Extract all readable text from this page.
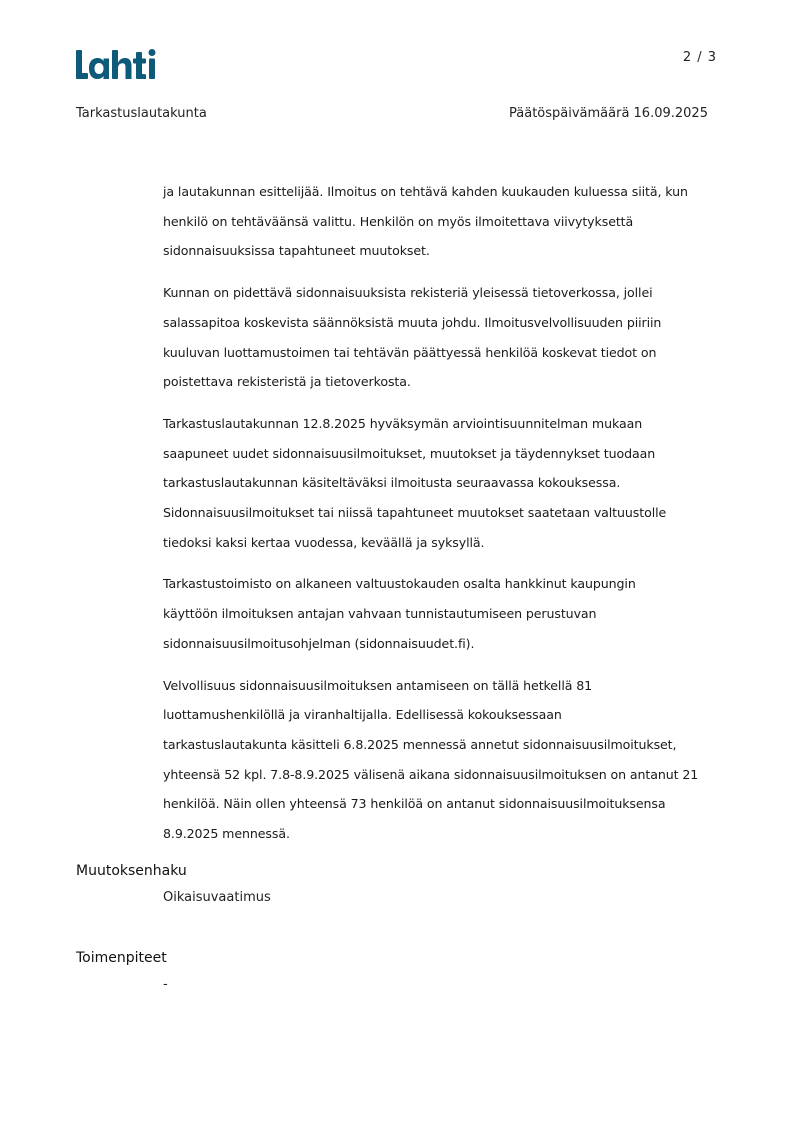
2 / 3
Tarkastuslautakunta	Päätöspäivämäärä 16.09.2025
ja lautakunnan esittelijää. Ilmoitus on tehtävä kahden kuukauden kuluessa siitä, kun
henkilö on tehtäväänsä valittu. Henkilön on myös ilmoitettava viivytyksettä
sidonnaisuuksissa tapahtuneet muutokset.
Kunnan on pidettävä sidonnaisuuksista rekisteriä yleisessä tietoverkossa, jollei
salassapitoa koskevista säännöksistä muuta johdu. Ilmoitusvelvollisuuden piiriin
kuuluvan luottamustoimen tai tehtävän päättyessä henkilöä koskevat tiedot on
poistettava rekisteristä ja tietoverkosta.
Tarkastuslautakunnan 12.8.2025 hyväksymän arviointisuunnitelman mukaan
saapuneet uudet sidonnaisuusilmoitukset, muutokset ja täydennykset tuodaan
tarkastuslautakunnan käsiteltäväksi ilmoitusta seuraavassa kokouksessa.
Sidonnaisuusilmoitukset tai niissä tapahtuneet muutokset saatetaan valtuustolle
tiedoksi kaksi kertaa vuodessa, keväällä ja syksyllä.
Tarkastustoimisto on alkaneen valtuustokauden osalta hankkinut kaupungin
käyttöön ilmoituksen antajan vahvaan tunnistautumiseen perustuvan
sidonnaisuusilmoitusohjelman (sidonnaisuudet.fi).
Velvollisuus sidonnaisuusilmoituksen antamiseen on tällä hetkellä 81
luottamushenkilöllä ja viranhaltijalla. Edellisessä kokouksessaan
tarkastuslautakunta käsitteli 6.8.2025 mennessä annetut sidonnaisuusilmoitukset,
yhteensä 52 kpl. 7.8-8.9.2025 välisenä aikana sidonnaisuusilmoituksen on antanut 21
henkilöä. Näin ollen yhteensä 73 henkilöä on antanut sidonnaisuusilmoituksensa
8.9.2025 mennessä.
Muutoksenhaku
Oikaisuvaatimus
Toimenpiteet
-
